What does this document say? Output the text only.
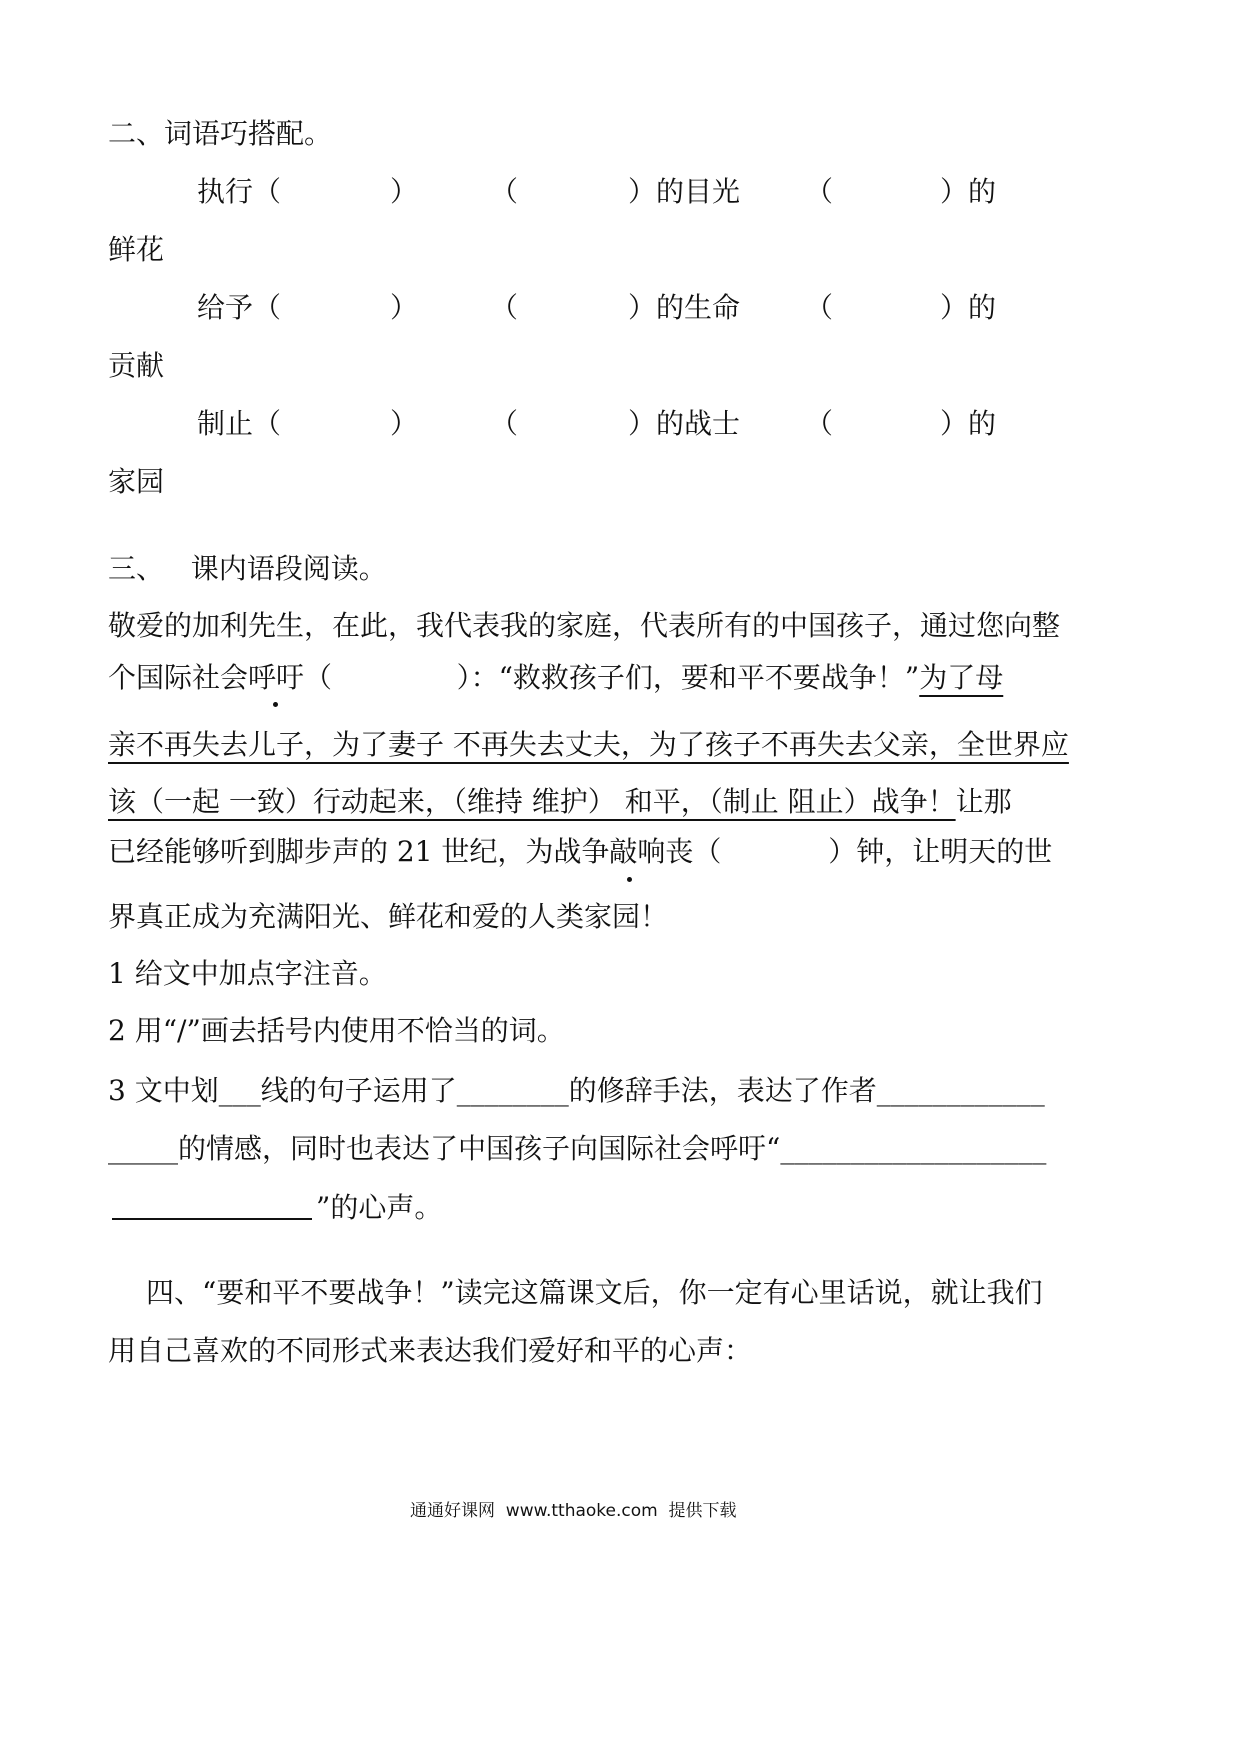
二、词语巧搭配。
执行（	）	（	）的目光 （	）的
鲜花
给予（	）	（	）的生命 （	）的
贡献
制止（	）	（	）的战士 （	）的
家园
三、   课内语段阅读。
敬爱的加利先生，在此，我代表我的家庭，代表所有的中国孩子，通过您向整
个国际社会呼吁（              ）：“救救孩子们，要和平不要战争！”为了母
亲不再失去儿子，为了妻子 不再失去丈夫，为了孩子不再失去父亲，全世界应
该（一起 一致）行动起来，（维持 维护） 和平，（制止 阻止）战争！让那
已经能够听到脚步声的 21 世纪，为战争敲响丧（            ）钟，让明天的世
界真正成为充满阳光、鲜花和爱的人类家园！
1 给文中加点字注音。
2 用“/”画去括号内使用不恰当的词。
3 文中划___线的句子运用了________的修辞手法，表达了作者____________
_____的情感，同时也表达了中国孩子向国际社会呼吁“___________________
”的心声。
四、“要和平不要战争！”读完这篇课文后，你一定有心里话说，就让我们
用自己喜欢的不同形式来表达我们爱好和平的心声：
通通好课网  www.tthaoke.com  提供下载
